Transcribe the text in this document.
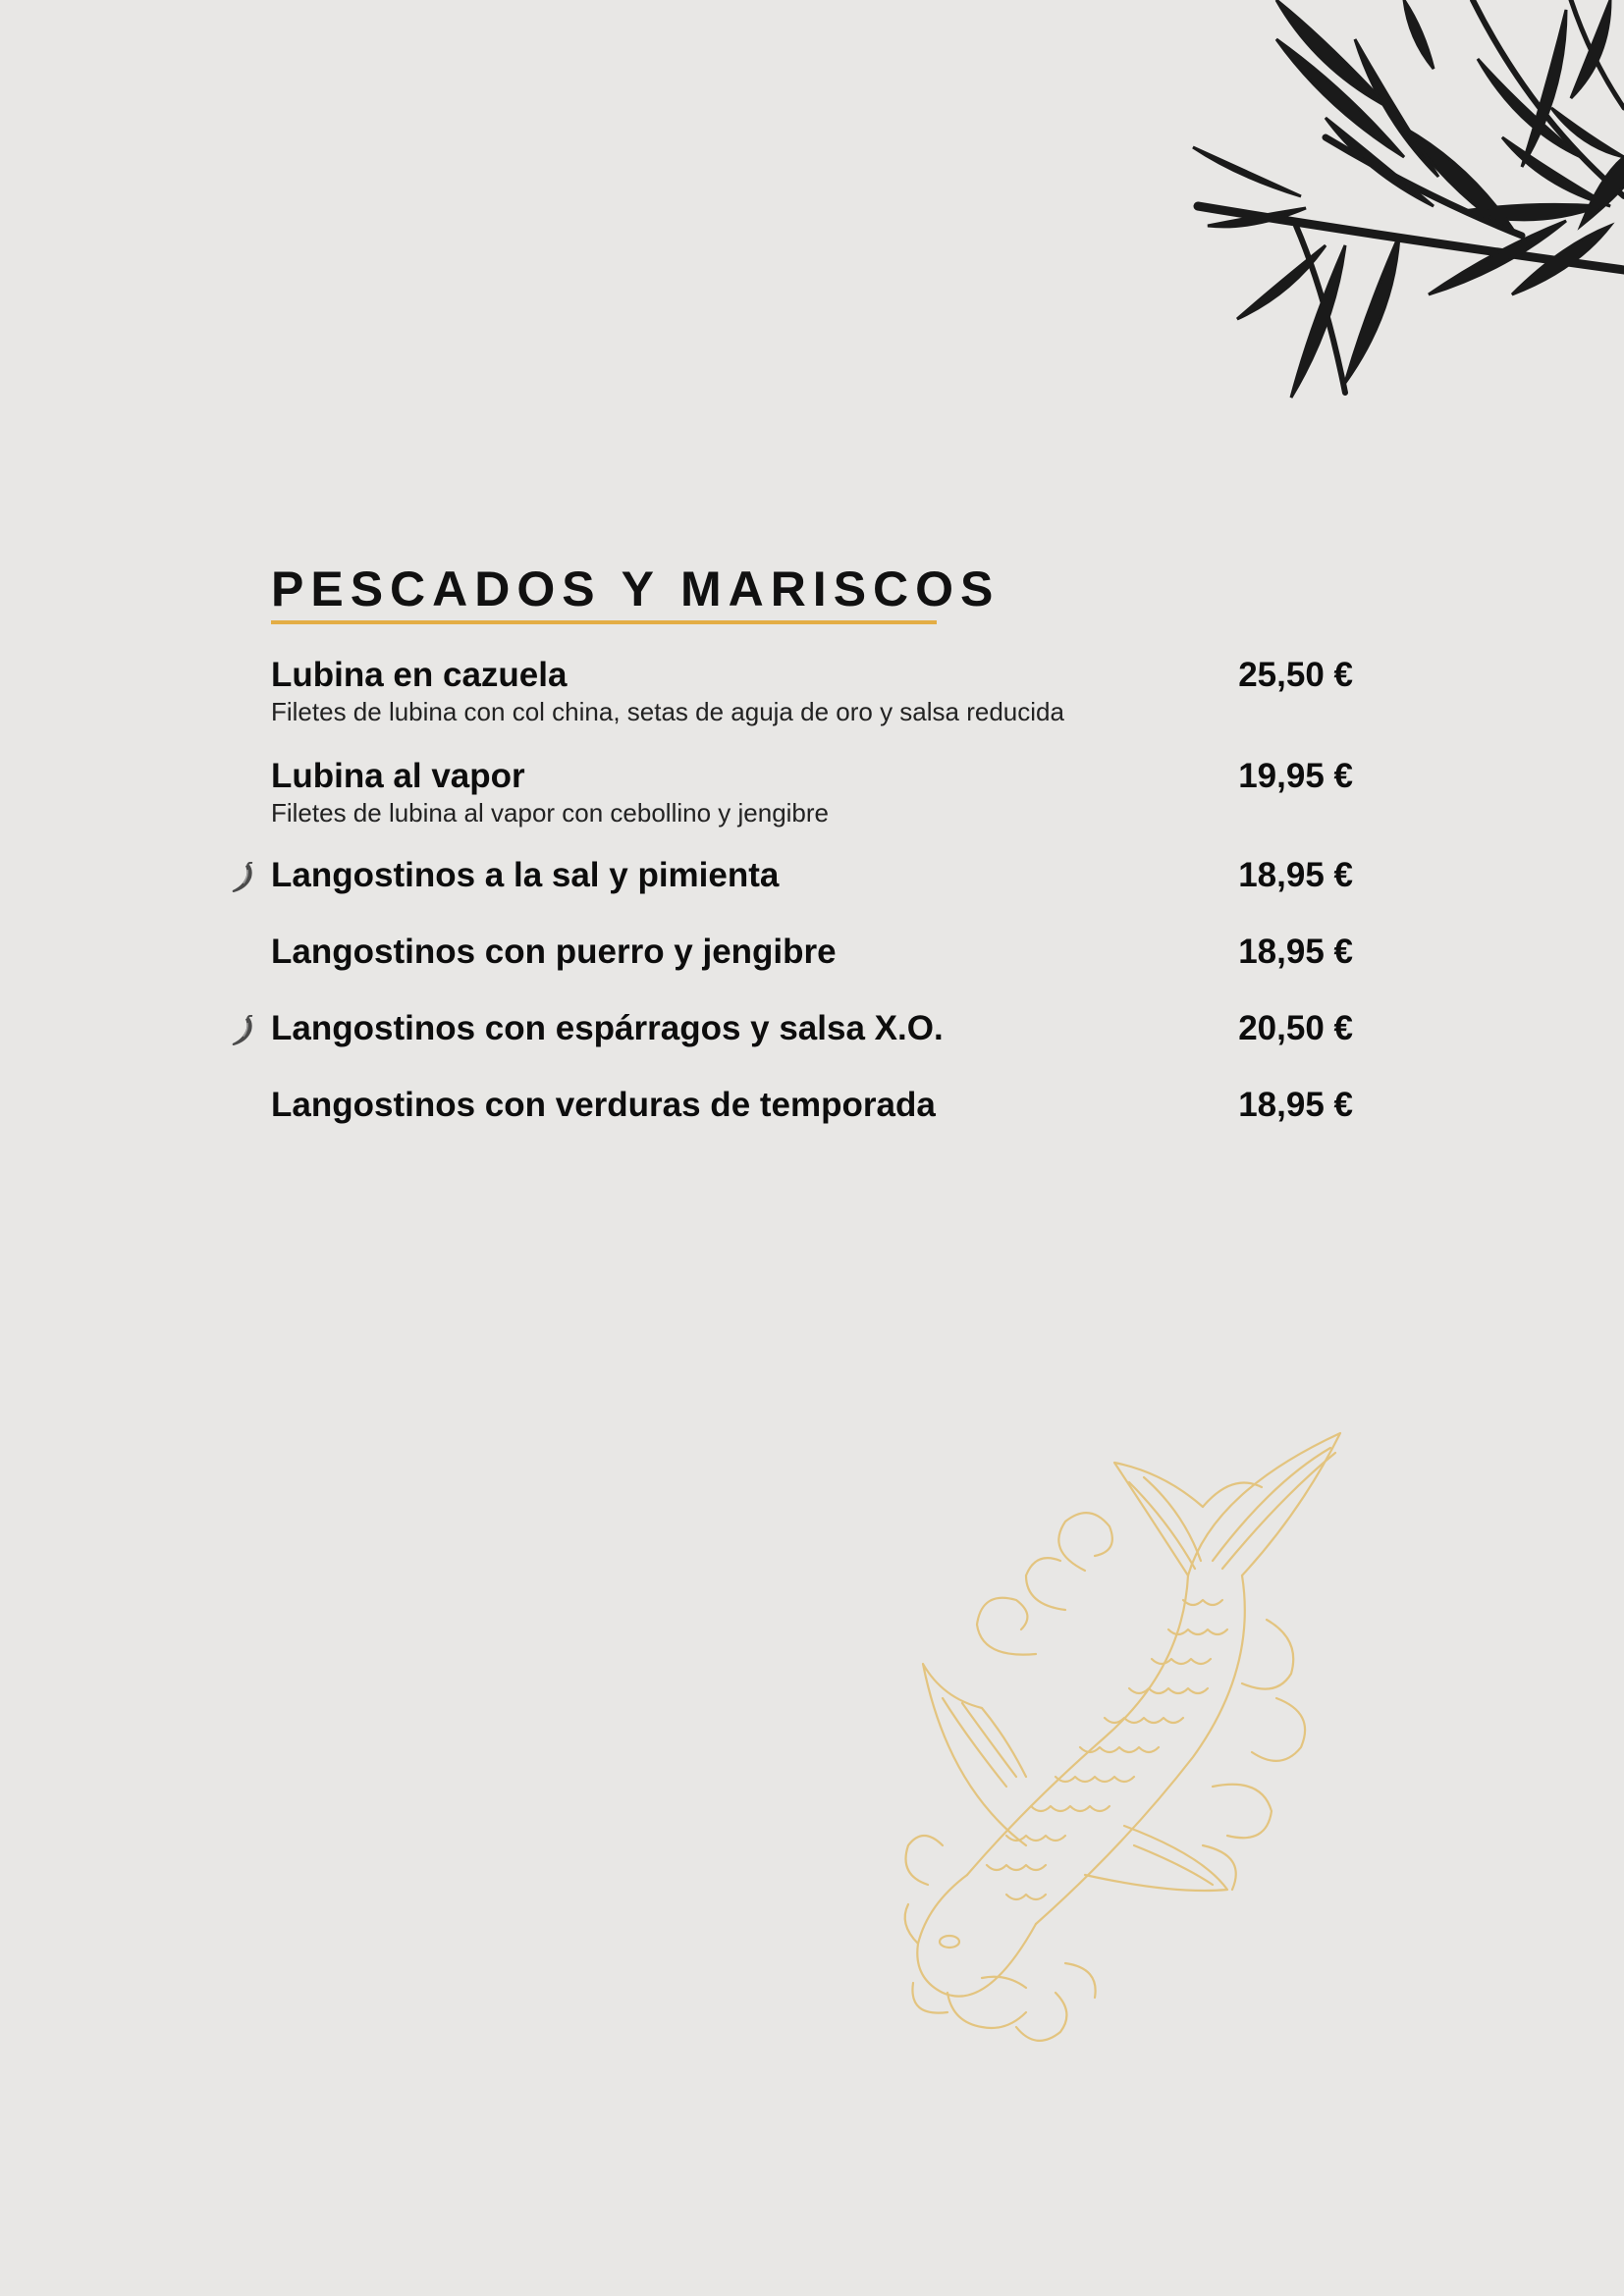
PESCADOS Y MARISCOS
Lubina en cazuela	25,50 €
Filetes de lubina con col china, setas de aguja de oro y salsa reducida
Lubina al vapor	19,95 €
Filetes de lubina al vapor con cebollino y jengibre
Langostinos a la sal y pimienta	18,95 €
Langostinos con puerro y jengibre	18,95 €
Langostinos con espárragos y salsa X.O.	20,50 €
Langostinos con verduras de temporada	18,95 €
